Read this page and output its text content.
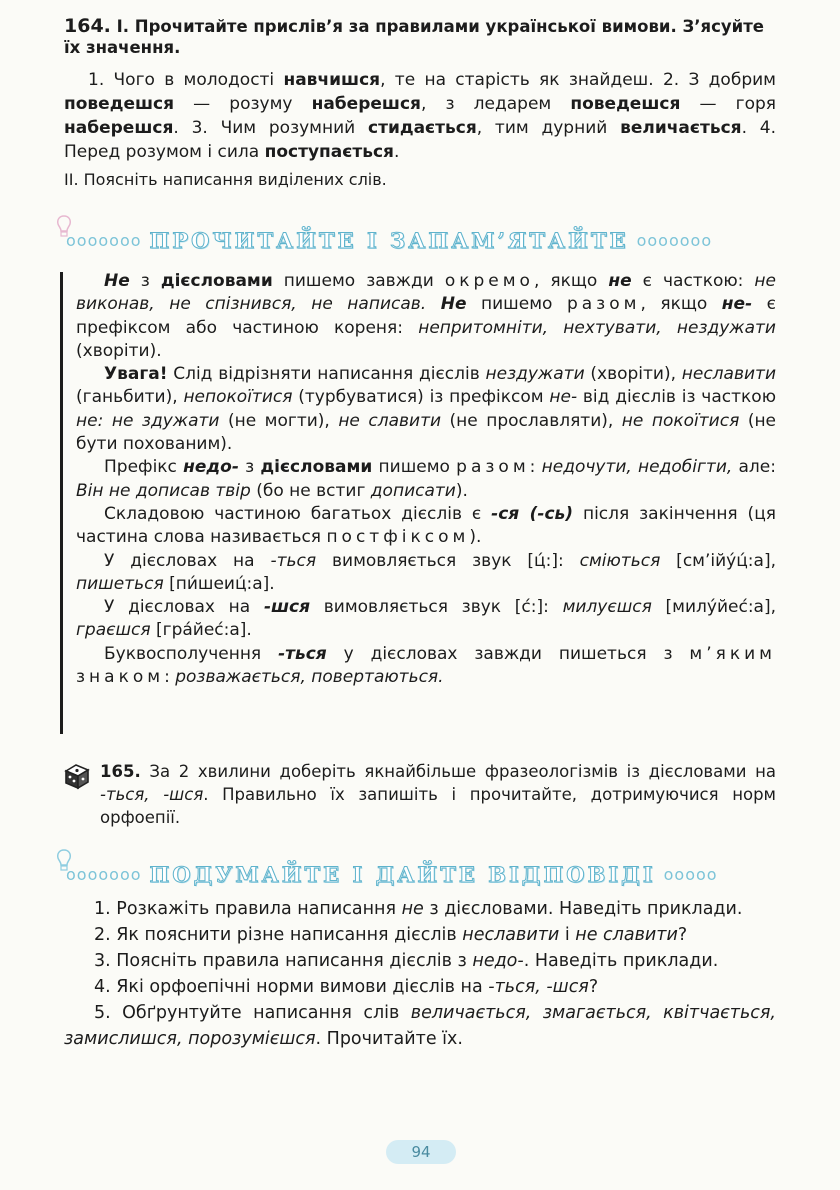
164. I. Прочитайте прислів’я за правилами української вимови. З’ясуйте їх значення.
1. Чого в молодості навчишся, те на старість як знайдеш. 2. З добрим поведешся — розуму наберешся, з ледарем поведешся — горя наберешся. 3. Чим розумний стидається, тим дурний величається. 4. Перед розумом і сила поступається.
II. Поясніть написання виділених слів.
ooooooo ПРОЧИТАЙТЕ І ЗАПАМ’ЯТАЙТЕ ooooooo

Не з дієсловами пишемо завжди окремо, якщо не є часткою: не виконав, не спізнився, не написав. Не пишемо разом, якщо не- є префіксом або частиною кореня: непритомніти, нехтувати, нездужати (хворіти).

Увага! Слід відрізняти написання дієслів нездужати (хворіти), неславити (ганьбити), непокоїтися (турбуватися) із префіксом не- від дієслів із часткою не: не здужати (не могти), не славити (не прославляти), не покоїтися (не бути похованим).

Префікс недо- з дієсловами пишемо разом: недочути, недобігти, але: Він не дописав твір (бо не встиг дописати).

Складовою частиною багатьох дієслів є -ся (-сь) після закінчення (ця частина слова називається постфіксом).

У дієсловах на -ться вимовляється звук [ц́:]: сміються [см’ійу́ц́:а], пишеться [пи́шеиц́:а].

У дієсловах на -шся вимовляється звук [с́:]: милуєшся [милу́йес́:а], граєшся [гра́йес́:а].

Буквосполучення -ться у дієсловах завжди пишеться з м’яким знаком: розважається, повертаються.

165. За 2 хвилини доберіть якнайбільше фразеологізмів із дієсловами на -ться, -шся. Правильно їх запишіть і прочитайте, дотримуючися норм орфоепії.
ooooooo ПОДУМАЙТЕ І ДАЙТЕ ВІДПОВІДІ ooooo

1. Розкажіть правила написання не з дієсловами. Наведіть приклади.

2. Як пояснити різне написання дієслів неславити і не славити?

3. Поясніть правила написання дієслів з недо-. Наведіть приклади.

4. Які орфоепічні норми вимови дієслів на -ться, -шся?

5. Обґрунтуйте написання слів величається, змагається, квітчається, замислишся, порозумієшся. Прочитайте їх.

94
